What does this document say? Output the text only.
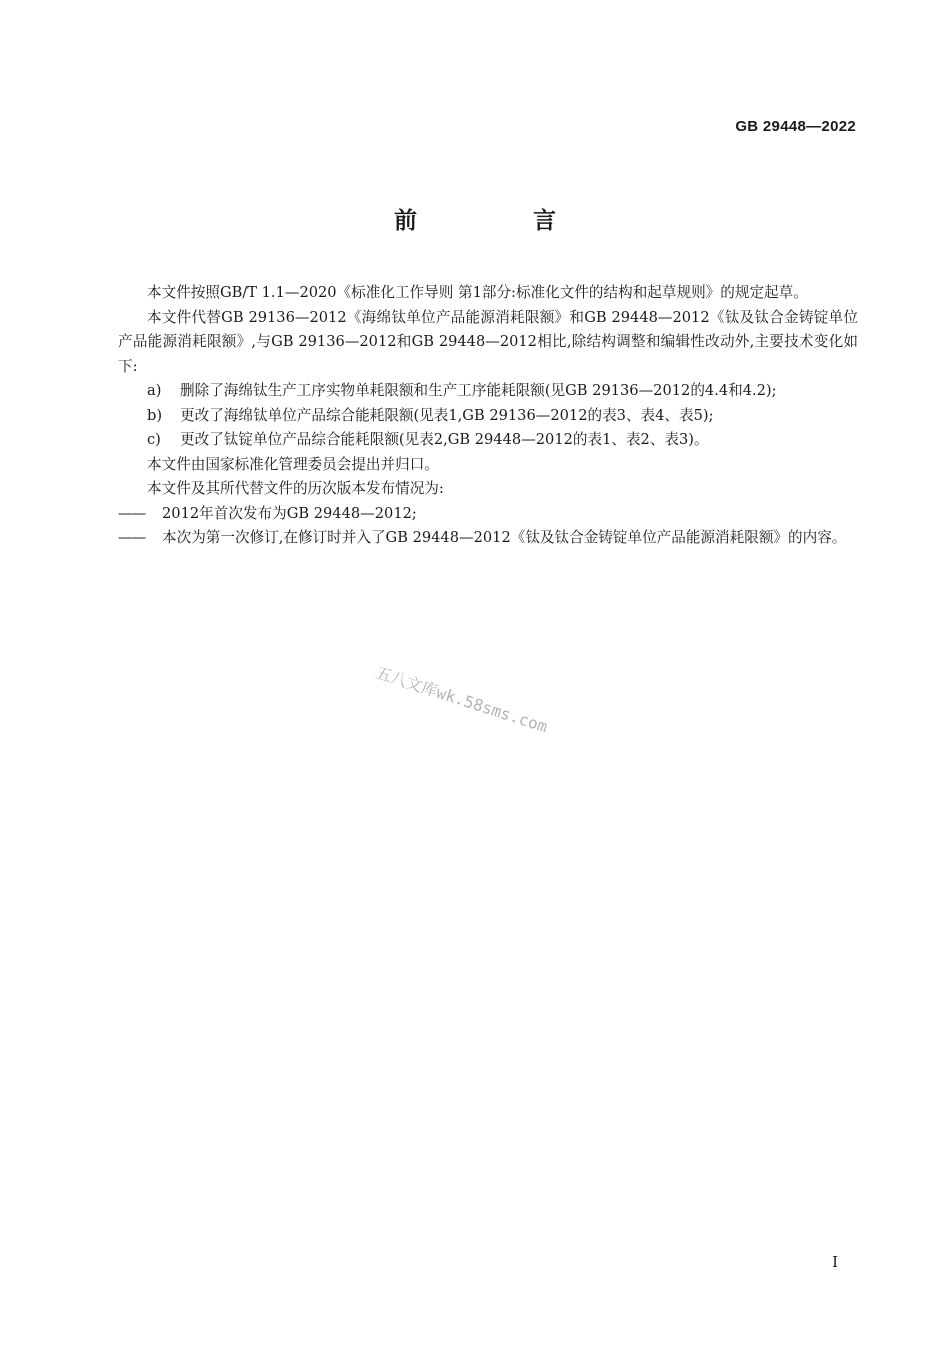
GB 29448—2022
前 言

本文件按照GB/T 1.1—2020《标准化工作导则 第1部分:标准化文件的结构和起草规则》的规定起草。

本文件代替GB 29136—2012《海绵钛单位产品能源消耗限额》和GB 29448—2012《钛及钛合金铸锭单位产品能源消耗限额》,与GB 29136—2012和GB 29448—2012相比,除结构调整和编辑性改动外,主要技术变化如下:

a)	删除了海绵钛生产工序实物单耗限额和生产工序能耗限额(见GB 29136—2012的4.4和4.2);
b)	更改了海绵钛单位产品综合能耗限额(见表1,GB 29136—2012的表3、表4、表5);
c)	更改了钛锭单位产品综合能耗限额(见表2,GB 29448—2012的表1、表2、表3)。

本文件由国家标准化管理委员会提出并归口。

本文件及其所代替文件的历次版本发布情况为:

——	2012年首次发布为GB 29448—2012;
——	本次为第一次修订,在修订时并入了GB 29448—2012《钛及钛合金铸锭单位产品能源消耗限额》的内容。
五八文库wk.58sms.com
I
